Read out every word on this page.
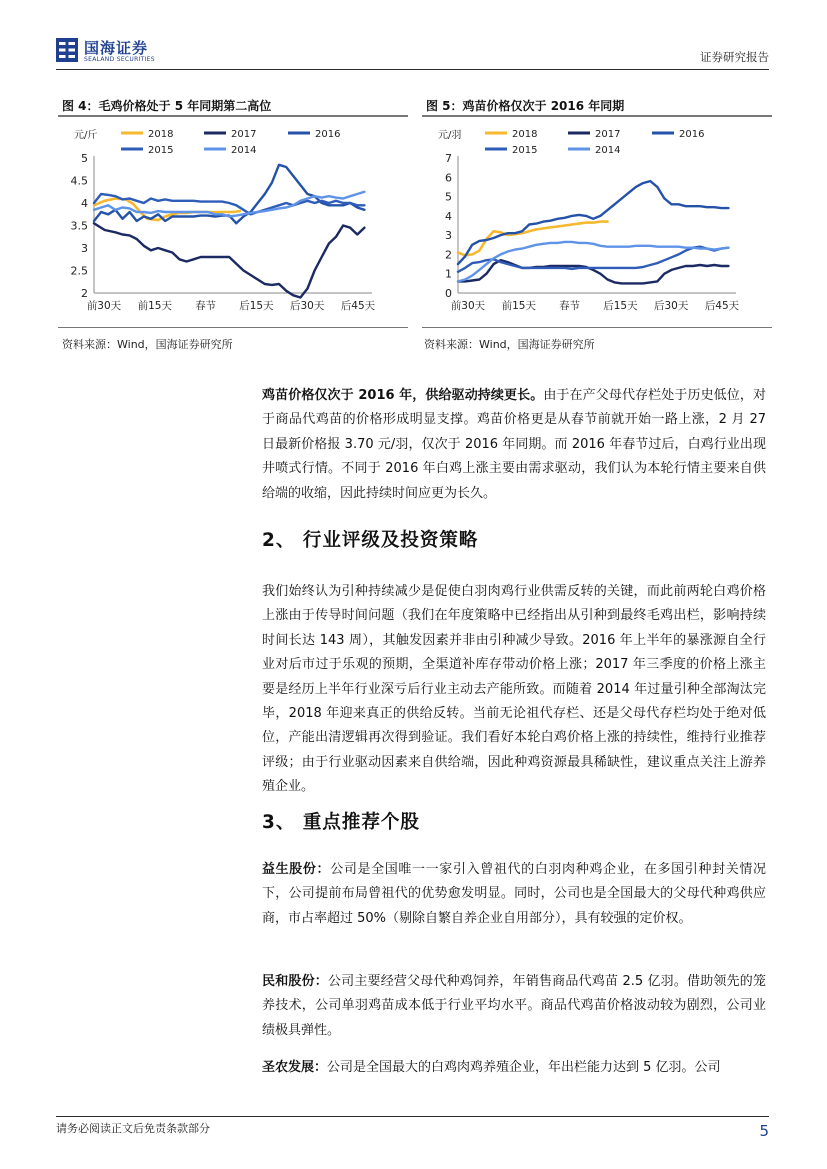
国海证券
SEALAND SECURITIES	证券研究报告
图 4：毛鸡价格处于 5 年同期第二高位	图 5：鸡苗价格仅次于 2016 年同期
元/斤
2
2.5
3
3.5
4
4.5
5
前30天 前15天 春节 后15天 后30天 后45天
2018	2017	2016
2015	2014
元/羽
0
1
2
3
4
5
6
7
前30天 前15天 春节 后15天 后30天 后45天
2018	2017	2016
2015	2014
资料来源：Wind，国海证券研究所	资料来源：Wind，国海证券研究所
鸡苗价格仅次于 2016 年，供给驱动持续更长。由于在产父母代存栏处于历史低位，对于商品代鸡苗的价格形成明显支撑。鸡苗价格更是从春节前就开始一路上涨，2 月 27 日最新价格报 3.70 元/羽，仅次于 2016 年同期。而 2016 年春节过后，白鸡行业出现井喷式行情。不同于 2016 年白鸡上涨主要由需求驱动，我们认为本轮行情主要来自供给端的收缩，因此持续时间应更为长久。
2、 行业评级及投资策略
我们始终认为引种持续减少是促使白羽肉鸡行业供需反转的关键，而此前两轮白鸡价格上涨由于传导时间问题（我们在年度策略中已经指出从引种到最终毛鸡出栏，影响持续时间长达 143 周），其触发因素并非由引种减少导致。2016 年上半年的暴涨源自全行业对后市过于乐观的预期，全渠道补库存带动价格上涨；2017 年三季度的价格上涨主要是经历上半年行业深亏后行业主动去产能所致。而随着 2014 年过量引种全部淘汰完毕，2018 年迎来真正的供给反转。当前无论祖代存栏、还是父母代存栏均处于绝对低位，产能出清逻辑再次得到验证。我们看好本轮白鸡价格上涨的持续性，维持行业推荐评级；由于行业驱动因素来自供给端，因此种鸡资源最具稀缺性，建议重点关注上游养殖企业。
3、 重点推荐个股
益生股份：公司是全国唯一一家引入曾祖代的白羽肉种鸡企业，在多国引种封关情况下，公司提前布局曾祖代的优势愈发明显。同时，公司也是全国最大的父母代种鸡供应商，市占率超过 50%（剔除自繁自养企业自用部分），具有较强的定价权。
民和股份：公司主要经营父母代种鸡饲养，年销售商品代鸡苗 2.5 亿羽。借助领先的笼养技术，公司单羽鸡苗成本低于行业平均水平。商品代鸡苗价格波动较为剧烈，公司业绩极具弹性。
圣农发展：公司是全国最大的白鸡肉鸡养殖企业，年出栏能力达到 5 亿羽。公司
请务必阅读正文后免责条款部分	5
